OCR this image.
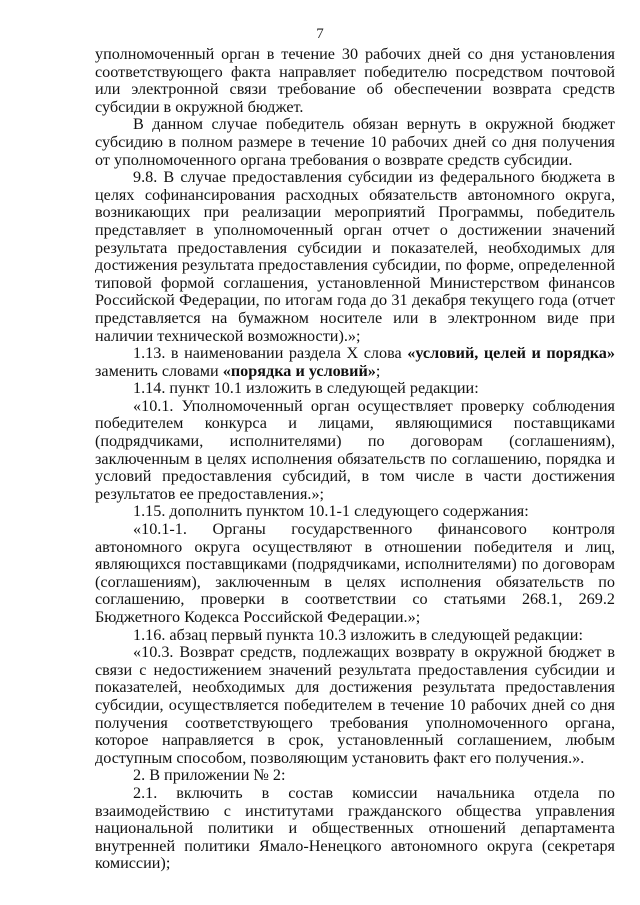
7

уполномоченный орган в течение 30 рабочих дней со дня установления соответствующего факта направляет победителю посредством почтовой или электронной связи требование об обеспечении возврата средств субсидии в окружной бюджет.

В данном случае победитель обязан вернуть в окружной бюджет субсидию в полном размере в течение 10 рабочих дней со дня получения от уполномоченного органа требования о возврате средств субсидии.

9.8. В случае предоставления субсидии из федерального бюджета в целях софинансирования расходных обязательств автономного округа, возникающих при реализации мероприятий Программы, победитель представляет в уполномоченный орган отчет о достижении значений результата предоставления субсидии и показателей, необходимых для достижения результата предоставления субсидии, по форме, определенной типовой формой соглашения, установленной Министерством финансов Российской Федерации, по итогам года до 31 декабря текущего года (отчет представляется на бумажном носителе или в электронном виде при наличии технической возможности).»;

1.13. в наименовании раздела X слова «условий, целей и порядка» заменить словами «порядка и условий»;

1.14. пункт 10.1 изложить в следующей редакции:

«10.1. Уполномоченный орган осуществляет проверку соблюдения победителем конкурса и лицами, являющимися поставщиками (подрядчиками, исполнителями) по договорам (соглашениям), заключенным в целях исполнения обязательств по соглашению, порядка и условий предоставления субсидий, в том числе в части достижения результатов ее предоставления.»;

1.15. дополнить пунктом 10.1-1 следующего содержания:

«10.1-1. Органы государственного финансового контроля автономного округа осуществляют в отношении победителя и лиц, являющихся поставщиками (подрядчиками, исполнителями) по договорам (соглашениям), заключенным в целях исполнения обязательств по соглашению, проверки в соответствии со статьями 268.1, 269.2 Бюджетного Кодекса Российской Федерации.»;

1.16. абзац первый пункта 10.3 изложить в следующей редакции:

«10.3. Возврат средств, подлежащих возврату в окружной бюджет в связи с недостижением значений результата предоставления субсидии и показателей, необходимых для достижения результата предоставления субсидии, осуществляется победителем в течение 10 рабочих дней со дня получения соответствующего требования уполномоченного органа, которое направляется в срок, установленный соглашением, любым доступным способом, позволяющим установить факт его получения.».

2. В приложении № 2:

2.1. включить в состав комиссии начальника отдела по взаимодействию с институтами гражданского общества управления национальной политики и общественных отношений департамента внутренней политики Ямало-Ненецкого автономного округа (секретаря комиссии);
